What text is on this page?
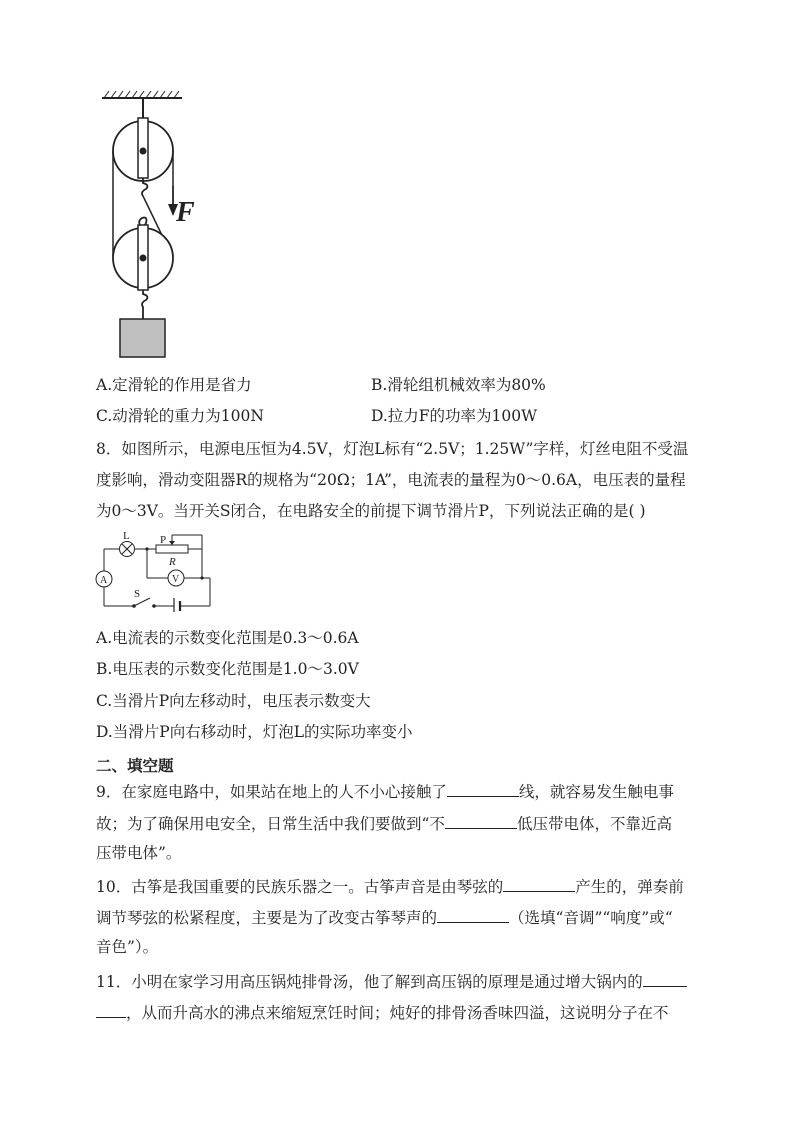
F
A.定滑轮的作用是省力	B.滑轮组机械效率为80%
C.动滑轮的重力为100N	D.拉力F的功率为100W
8．如图所示，电源电压恒为4.5V，灯泡L标有“2.5V；1.25W”字样，灯丝电阻不受温
度影响，滑动变阻器R的规格为“20Ω；1A”，电流表的量程为0～0.6A，电压表的量程
为0～3V。当开关S闭合，在电路安全的前提下调节滑片P，下列说法正确的是( )
L	P
R
V
A
S
A.电流表的示数变化范围是0.3～0.6A
B.电压表的示数变化范围是1.0～3.0V
C.当滑片P向左移动时，电压表示数变大
D.当滑片P向右移动时，灯泡L的实际功率变小
二、填空题
9．在家庭电路中，如果站在地上的人不小心接触了	线，就容易发生触电事
故；为了确保用电安全，日常生活中我们要做到“不	低压带电体，不靠近高
压带电体”。
10．古筝是我国重要的民族乐器之一。古筝声音是由琴弦的	产生的，弹奏前
调节琴弦的松紧程度，主要是为了改变古筝琴声的	（选填“音调”“响度”或“
音色”）。
11．小明在家学习用高压锅炖排骨汤，他了解到高压锅的原理是通过增大锅内的
，从而升高水的沸点来缩短烹饪时间；炖好的排骨汤香味四溢，这说明分子在不
